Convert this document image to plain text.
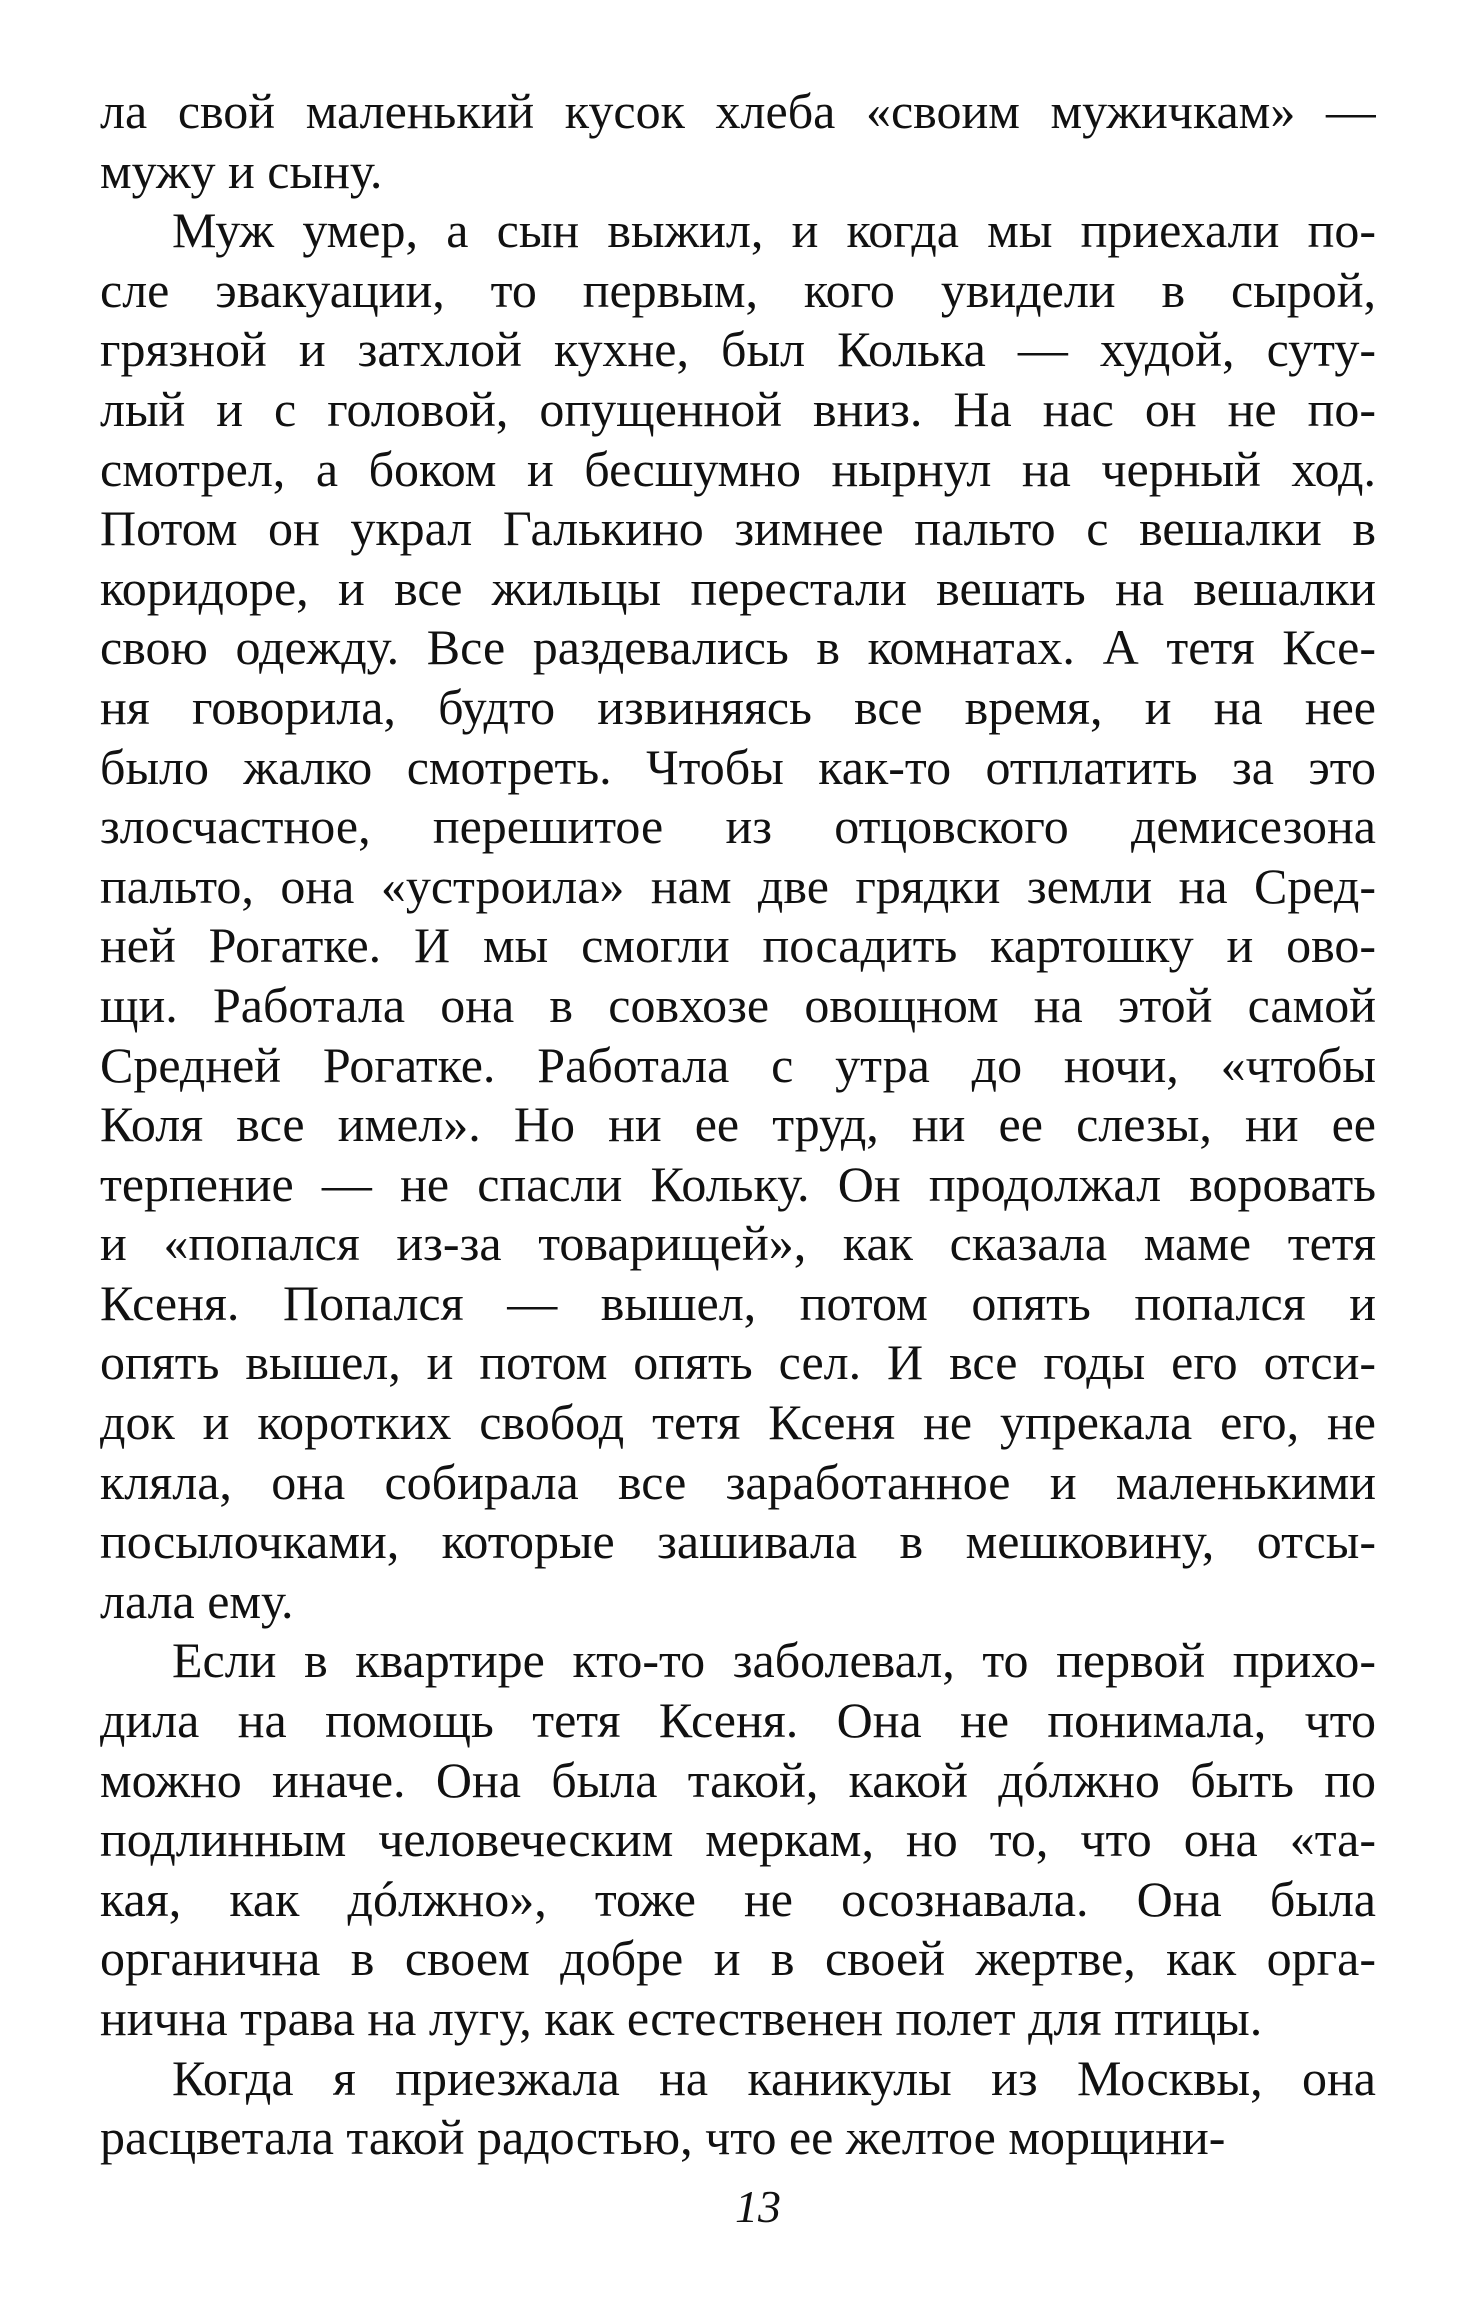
ла свой маленький кусок хлеба «своим мужичкам» —
мужу и сыну.
Муж умер, а сын выжил, и когда мы приехали по-
сле эвакуации, то первым, кого увидели в сырой,
грязной и затхлой кухне, был Колька — худой, суту-
лый и с головой, опущенной вниз. На нас он не по-
смотрел, а боком и бесшумно нырнул на черный ход.
Потом он украл Галькино зимнее пальто с вешалки в
коридоре, и все жильцы перестали вешать на вешалки
свою одежду. Все раздевались в комнатах. А тетя Ксе-
ня говорила, будто извиняясь все время, и на нее
было жалко смотреть. Чтобы как-то отплатить за это
злосчастное, перешитое из отцовского демисезона
пальто, она «устроила» нам две грядки земли на Сред-
ней Рогатке. И мы смогли посадить картошку и ово-
щи. Работала она в совхозе овощном на этой самой
Средней Рогатке. Работала с утра до ночи, «чтобы
Коля все имел». Но ни ее труд, ни ее слезы, ни ее
терпение — не спасли Кольку. Он продолжал воровать
и «попался из-за товарищей», как сказала маме тетя
Ксеня. Попался — вышел, потом опять попался и
опять вышел, и потом опять сел. И все годы его отси-
док и коротких свобод тетя Ксеня не упрекала его, не
кляла, она собирала все заработанное и маленькими
посылочками, которые зашивала в мешковину, отсы-
лала ему.
Если в квартире кто-то заболевал, то первой прихо-
дила на помощь тетя Ксеня. Она не понимала, что
можно иначе. Она была такой, какой дóлжно быть по
подлинным человеческим меркам, но то, что она «та-
кая, как дóлжно», тоже не осознавала. Она была
органична в своем добре и в своей жертве, как орга-
нична трава на лугу, как естественен полет для птицы.
Когда я приезжала на каникулы из Москвы, она
расцветала такой радостью, что ее желтое морщини-
13
